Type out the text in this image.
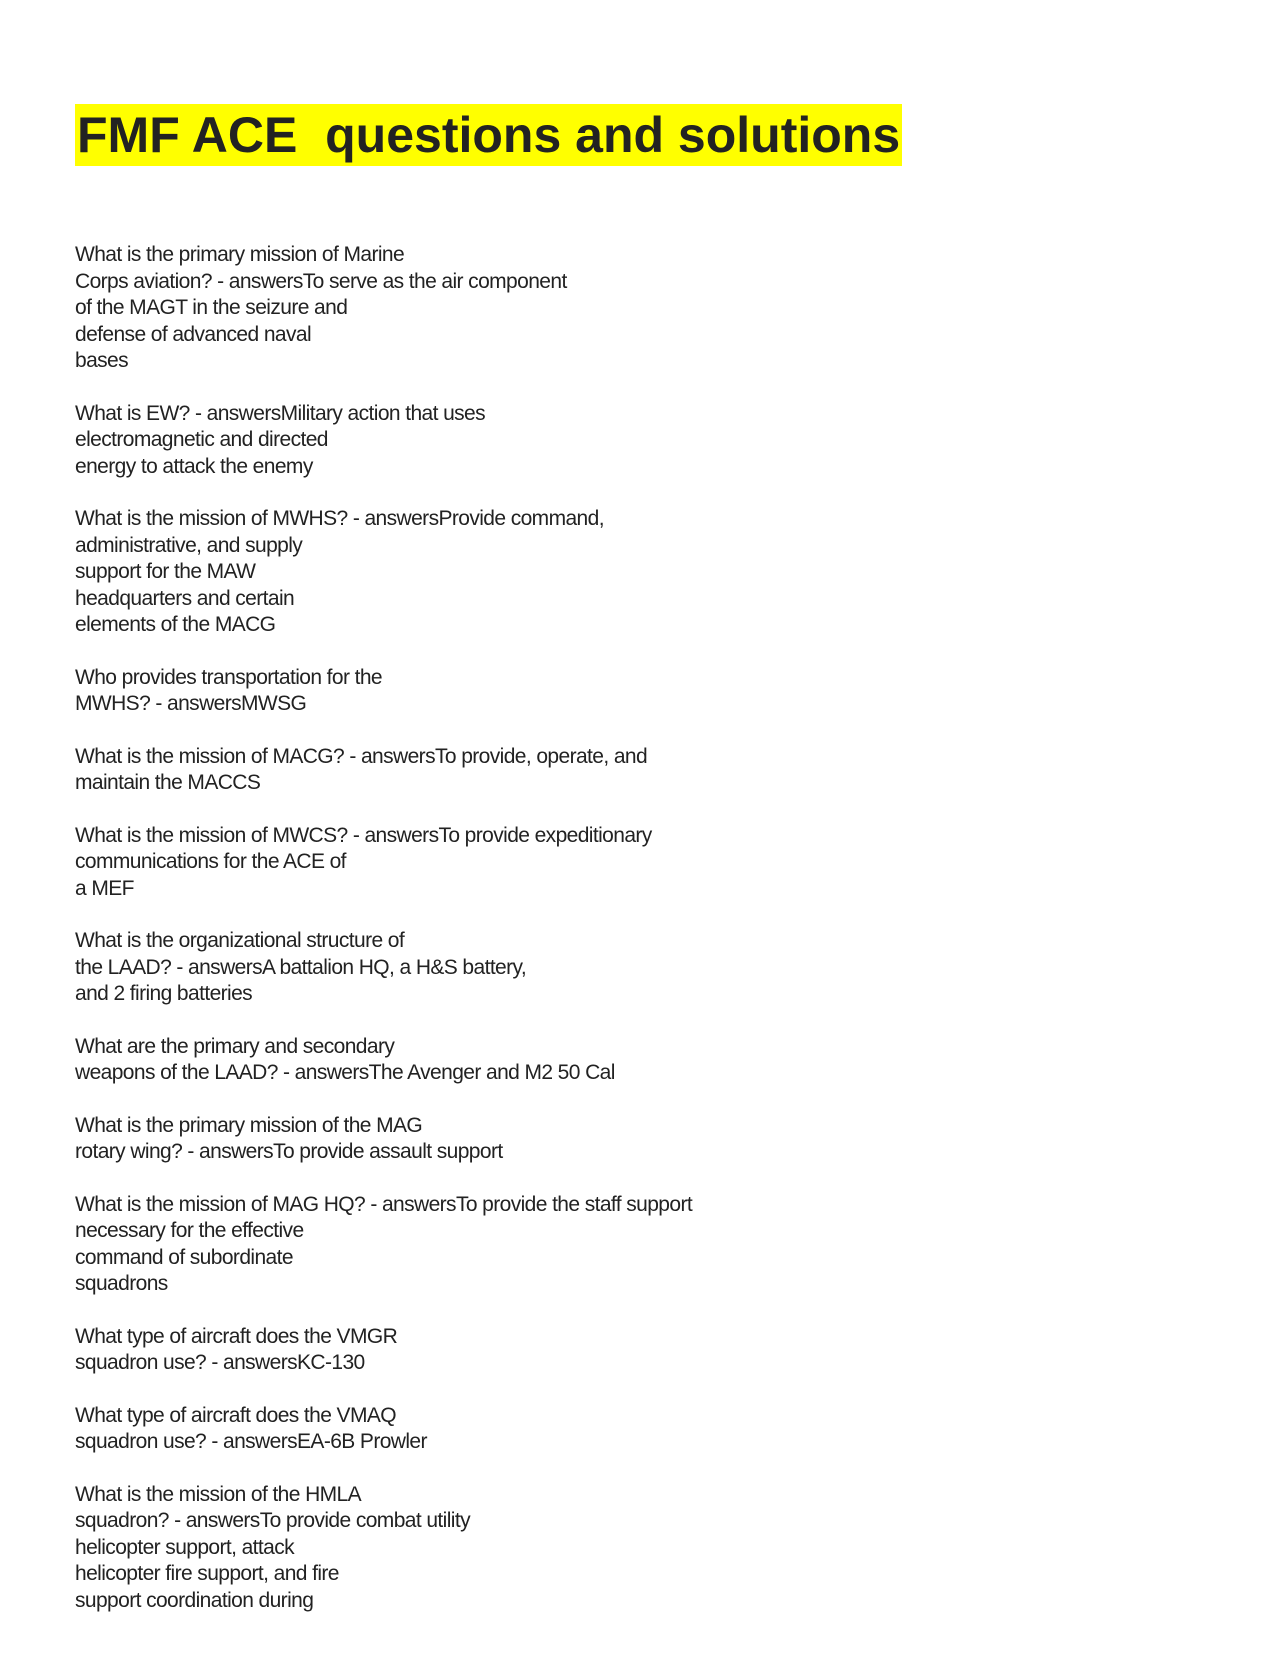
FMF ACE  questions and solutions
What is the primary mission of Marine
Corps aviation? - answersTo serve as the air component
of the MAGT in the seizure and
defense of advanced naval
bases
What is EW? - answersMilitary action that uses
electromagnetic and directed
energy to attack the enemy
What is the mission of MWHS? - answersProvide command,
administrative, and supply
support for the MAW
headquarters and certain
elements of the MACG
Who provides transportation for the
MWHS? - answersMWSG
What is the mission of MACG? - answersTo provide, operate, and
maintain the MACCS
What is the mission of MWCS? - answersTo provide expeditionary
communications for the ACE of
a MEF
What is the organizational structure of
the LAAD? - answersA battalion HQ, a H&S battery,
and 2 firing batteries
What are the primary and secondary
weapons of the LAAD? - answersThe Avenger and M2 50 Cal
What is the primary mission of the MAG
rotary wing? - answersTo provide assault support
What is the mission of MAG HQ? - answersTo provide the staff support
necessary for the effective
command of subordinate
squadrons
What type of aircraft does the VMGR
squadron use? - answersKC-130
What type of aircraft does the VMAQ
squadron use? - answersEA-6B Prowler
What is the mission of the HMLA
squadron? - answersTo provide combat utility
helicopter support, attack
helicopter fire support, and fire
support coordination during
